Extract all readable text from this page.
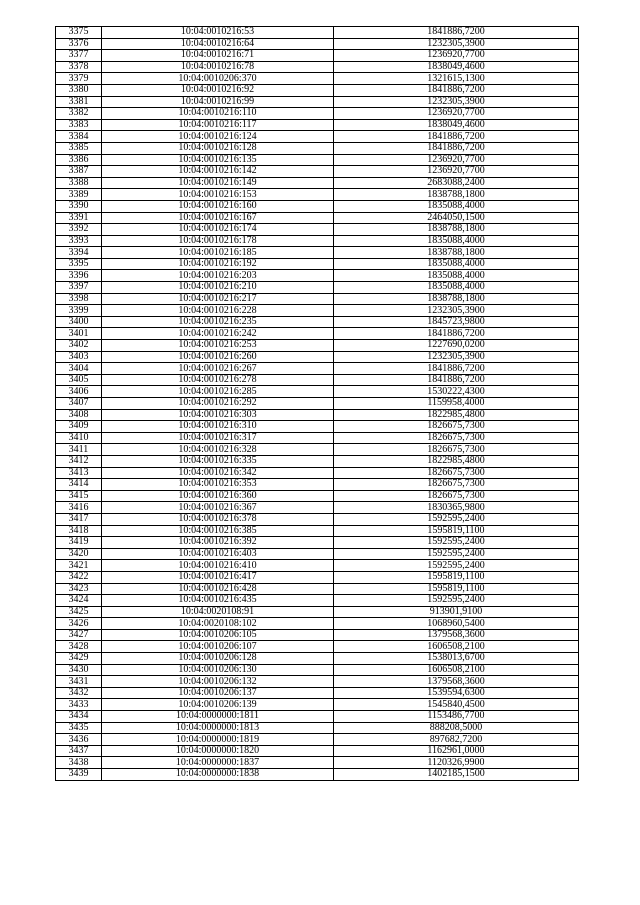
3375	10:04:0010216:53	1841886,7200
3376	10:04:0010216:64	1232305,3900
3377	10:04:0010216:71	1236920,7700
3378	10:04:0010216:78	1838049,4600
3379	10:04:0010206:370	1321615,1300
3380	10:04:0010216:92	1841886,7200
3381	10:04:0010216:99	1232305,3900
3382	10:04:0010216:110	1236920,7700
3383	10:04:0010216:117	1838049,4600
3384	10:04:0010216:124	1841886,7200
3385	10:04:0010216:128	1841886,7200
3386	10:04:0010216:135	1236920,7700
3387	10:04:0010216:142	1236920,7700
3388	10:04:0010216:149	2683088,2400
3389	10:04:0010216:153	1838788,1800
3390	10:04:0010216:160	1835088,4000
3391	10:04:0010216:167	2464050,1500
3392	10:04:0010216:174	1838788,1800
3393	10:04:0010216:178	1835088,4000
3394	10:04:0010216:185	1838788,1800
3395	10:04:0010216:192	1835088,4000
3396	10:04:0010216:203	1835088,4000
3397	10:04:0010216:210	1835088,4000
3398	10:04:0010216:217	1838788,1800
3399	10:04:0010216:228	1232305,3900
3400	10:04:0010216:235	1845723,9800
3401	10:04:0010216:242	1841886,7200
3402	10:04:0010216:253	1227690,0200
3403	10:04:0010216:260	1232305,3900
3404	10:04:0010216:267	1841886,7200
3405	10:04:0010216:278	1841886,7200
3406	10:04:0010216:285	1530222,4300
3407	10:04:0010216:292	1159958,4000
3408	10:04:0010216:303	1822985,4800
3409	10:04:0010216:310	1826675,7300
3410	10:04:0010216:317	1826675,7300
3411	10:04:0010216:328	1826675,7300
3412	10:04:0010216:335	1822985,4800
3413	10:04:0010216:342	1826675,7300
3414	10:04:0010216:353	1826675,7300
3415	10:04:0010216:360	1826675,7300
3416	10:04:0010216:367	1830365,9800
3417	10:04:0010216:378	1592595,2400
3418	10:04:0010216:385	1595819,1100
3419	10:04:0010216:392	1592595,2400
3420	10:04:0010216:403	1592595,2400
3421	10:04:0010216:410	1592595,2400
3422	10:04:0010216:417	1595819,1100
3423	10:04:0010216:428	1595819,1100
3424	10:04:0010216:435	1592595,2400
3425	10:04:0020108:91	913901,9100
3426	10:04:0020108:102	1068960,5400
3427	10:04:0010206:105	1379568,3600
3428	10:04:0010206:107	1606508,2100
3429	10:04:0010206:128	1538013,6700
3430	10:04:0010206:130	1606508,2100
3431	10:04:0010206:132	1379568,3600
3432	10:04:0010206:137	1539594,6300
3433	10:04:0010206:139	1545840,4500
3434	10:04:0000000:1811	1153486,7700
3435	10:04:0000000:1813	888208,5000
3436	10:04:0000000:1819	897682,7200
3437	10:04:0000000:1820	1162961,0000
3438	10:04:0000000:1837	1120326,9900
3439	10:04:0000000:1838	1402185,1500
